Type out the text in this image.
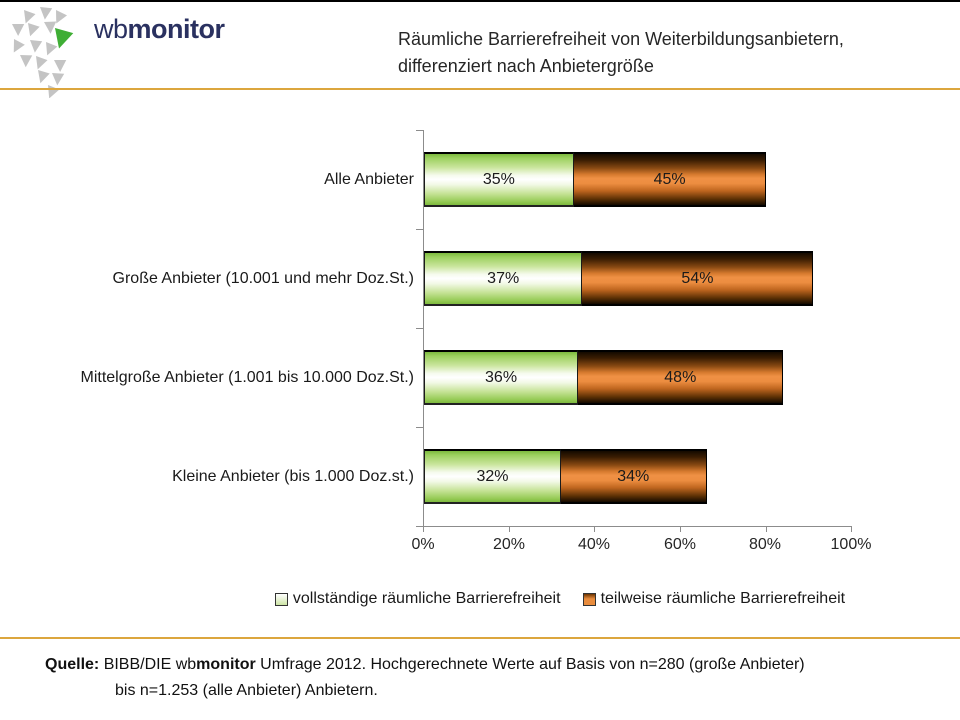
wbmonitor	Räumliche Barrierefreiheit von Weiterbildungsanbietern,
differenziert nach Anbietergröße
Alle Anbieter	35%	45%
Große Anbieter (10.001 und mehr Doz.St.)	37%	54%
Mittelgroße Anbieter (1.001 bis 10.000 Doz.St.)	36%	48%
Kleine Anbieter (bis 1.000 Doz.st.)	32%	34%
0%	20%	40%	60%	80%	100%
vollständige räumliche Barrierefreiheit	teilweise räumliche Barrierefreiheit
Quelle: BIBB/DIE wbmonitor Umfrage 2012. Hochgerechnete Werte auf Basis von n=280 (große Anbieter)
bis n=1.253 (alle Anbieter) Anbietern.
